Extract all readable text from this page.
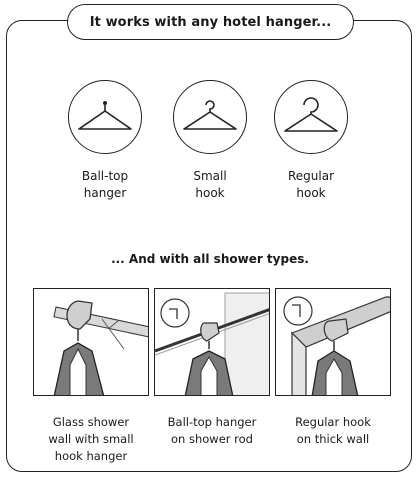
It works with any hotel hanger...
Ball-top
hanger
Small
hook
Regular
hook
... And with all shower types.
Glass shower
wall with small
hook hanger
Ball-top hanger
on shower rod
Regular hook
on thick wall
